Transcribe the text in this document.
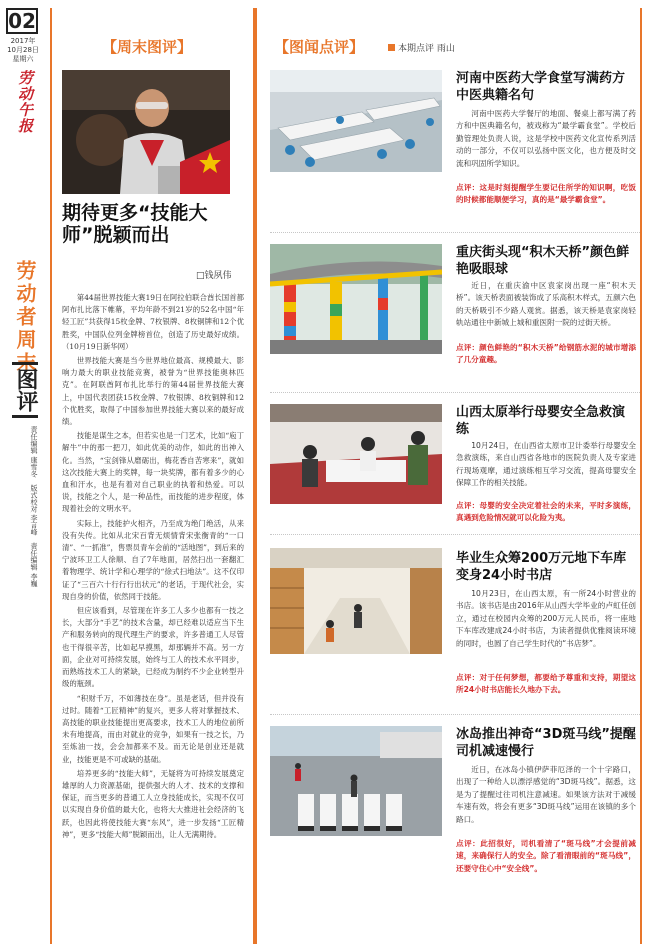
02
2017年
10月28日
星期六
劳动午报
劳动者周末
图评
责任编辑 康雪冬　版式校对 李言峰　责任编辑 李巍
【周末图评】	【图闻点评】	本期点评 雨山
期待更多“技能大师”脱颖而出
□钱夙伟

第44届世界技能大赛19日在阿拉伯联合酋长国首都阿布扎比落下帷幕，平均年龄不到21岁的52名中国“年轻工匠”共获得15枚金牌、7枚银牌、8枚铜牌和12个优胜奖，中国队位列金牌榜首位，创造了历史最好成绩。（10月19日新华网）

世界技能大赛是当今世界地位最高、规模最大、影响力最大的职业技能竞赛，被誉为“世界技能奥林匹克”。在阿联酋阿布扎比举行的第44届世界技能大赛上，中国代表团获15枚金牌、7枚银牌、8枚铜牌和12个优胜奖，取得了中国参加世界技能大赛以来的最好成绩。

技能是谋生之本，但若实也是一门艺术，比如“庖丁解牛”中的那一把刀，如此优美的动作，如此的出神入化。当然，“宝剑锋从磨砺出，梅花香自苦寒来”，就如这次技能大赛上的奖牌，每一块奖牌，都有着多少的心血和汗水，也是有着对自己职业的执着和热爱。可以说，技能之个人，是一种品性，而技能的进步程度，体现着社会的文明水平。

实际上，技能护火相齐，乃至成为绝门绝活，从来没有失传。比如从北宋百背无烦情背宋张衡青的“一口清”、“一抓准”，售票员青车会前的“活地图”，到后来的宁波环卫工人徐顺、自了7年地面，居然扫出一套翻汇着物理学、统计学和心理学的“徐式扫地法”。这不仅印证了“三百六十行行行出状元”的老话，于现代社会，实现自身的价值，依然同于技能。

但应该看到，尽管现在许多工人多少也都有一技之长，大部分“手艺”的技术含量，却已经难以适应当下生产和服务转向的现代理生产的要求，许多普通工人尽管也干得很辛苦，比如起早摸黑，却那辆并不高。另一方面，企业对可持续发展，始终与工人的技术水平同步，而熟练技术工人的紧缺，已经成为制约不少企业转型升级的瓶颈。

“积财千万，不如薄技在身”。虽是老话，但并没有过时。随着“工匠精神”的复兴，更多人将对掌握技术、高技能的职业技能提出更高要求，技术工人的地位前所未有地提高，而由对就业的竞争，如果有一技之长，乃至炼油一技，会会加都来不及。而无论是创业还是就业，技能更是不可或缺的基础。

培养更多的“技能大师”，无疑将为可持续发展奠定雄厚的人力资源基础，提供强大的人才、技术的支撑和保证，而当更多的普通工人立身技能成长，实现不仅可以实现自身价值的最大化，也将大大推进社会经济的飞跃，也因此将使技能大赛“东风”，进一步发扬“工匠精神”，更多“技能大师”脱颖而出，让人无满期待。

河南中医药大学食堂写满药方中医典籍名句
河南中医药大学餐厅的地面、餐桌上都写满了药方和中医典籍名句，被戏称为“最学霸食堂”。学校后勤管理处负责人说，这是学校中医药文化宣传系列活动的一部分，不仅可以弘扬中医文化，也方便及时交流和巩固所学知识。
点评：这是时刻提醒学生要记住所学的知识啊，吃饭的时候都能顺便学习，真的是“最学霸食堂”。
重庆街头现“积木天桥”颜色鲜艳吸眼球
近日，在重庆渝中区袁家岗出现一座“积木天桥”。该天桥表面被装饰成了乐高积木样式，五颜六色的天桥吸引不少路人观赏。据悉，该天桥是袁家岗轻轨站通往中新城上城和重医附一院的过街天桥。
点评：颜色鲜艳的“积木天桥”给钢筋水泥的城市增添了几分童趣。
山西太原举行母婴安全急救演练
10月24日，在山西省太原市卫计委举行母婴安全急救演练，来自山西省各地市的医院负责人及专家进行现场观摩，通过演练相互学习交流，提高母婴安全保障工作的相关技能。
点评：母婴的安全决定着社会的未来，平时多演练，真遇到危险情况就可以化险为夷。
毕业生众筹200万元地下车库变身24小时书店
10月23日，在山西太原，有一所24小时营业的书店。该书店是由2016年从山西大学毕业的卢虹任创立，通过在校园内众筹的200万元人民币，将一座地下车库改建成24小时书店，为读者提供优雅阅读环境的同时，也圆了自己学生时代的“书店梦”。
点评：对于任何梦想，都要给予尊重和支持，期望这所24小时书店能长久地办下去。
冰岛推出神奇“3D斑马线”提醒司机减速慢行
近日，在冰岛小镇伊萨菲厄泽的一个十字路口，出现了一种给人以漂浮感觉的“3D斑马线”。据悉，这是为了提醒过往司机注意减速。如果该方法对于减缓车速有效，将会有更多“3D斑马线”运用在该镇的多个路口。
点评：此招很好，司机看清了“斑马线”才会提前减速，来确保行人的安全。除了看清眼前的“斑马线”，还要守住心中“安全线”。
